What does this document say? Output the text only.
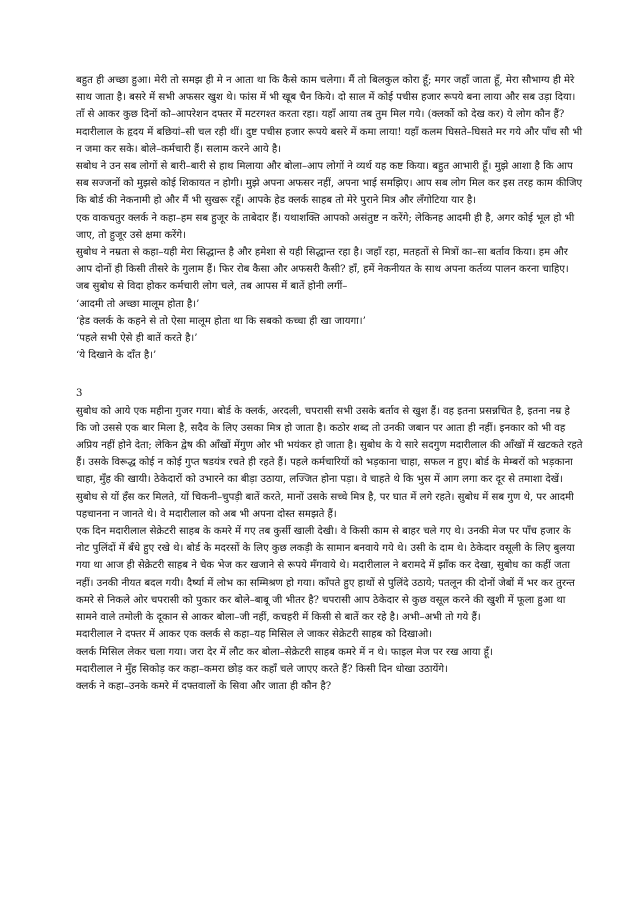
बहुत ही अच्छा हुआ। मेरी तो समझ ही मे न आता था कि कैसे काम चलेगा। मैं तो बिलकुल कोरा हूँ; मगर जहाँ जाता हूँ, मेरा सौभाग्य ही मेरे साथ जाता है। बसरे में सभी अफसर खुश थे। फांस में भी खूब चैन किये। दो साल में कोई पचीस हजार रूपये बना लाया और सब उड़ा दिया। ताँ से आकर कुछ दिनों को–आपरेशन दफ्तर में मटरगश्त करता रहा। यहाँ आया तब तुम मिल गये। (क्लर्को को देख कर) ये लोग कौन हैं?

मदारीलाल के हृदय में बछियां–सी चल रही थीं। दुष्ट पचीस हजार रूपये बसरे में कमा लाया! यहाँ कलम घिसते–घिसते मर गये और पाँच सौ भी न जमा कर सके। बोले–कर्मचारी हैं। सलाम करने आये है।

सबोध ने उन सब लोगों से बारी–बारी से हाथ मिलाया और बोला–आप लोगों ने व्यर्थ यह कष्ट किया। बहुत आभारी हूँ। मुझे आशा है कि आप सब सज्जनों को मुझसे कोई शिकायत न होगी। मुझे अपना अफसर नहीं, अपना भाई समझिए। आप सब लोग मिल कर इस तरह काम कीजिए कि बोर्ड की नेकनामी हो और मैं भी सुखरू रहूँ। आपके हेड क्लर्क साहब तो मेरे पुराने मित्र और लँगोटिया यार है।

एक वाकचतुर क्लर्क ने कहा–हम सब हुजूर के ताबेदार हैं। यथाशक्ति आपको असंतुष्ट न करेंगे; लेकिनह आदमी ही है, अगर कोई भूल हो भी जाए, तो हुजूर उसे क्षमा करेंगे।

सुबोध ने नम्रता से कहा–यही मेरा सिद्धान्त है और हमेशा से यही सिद्धान्त रहा है। जहाँ रहा, मतहतों से मित्रों का–सा बर्ताव किया। हम और आप दोनों ही किसी तीसरे के गुलाम हैं। फिर रोब कैसा और अफसरी कैसी? हाँ, हमें नेकनीयत के साथ अपना कर्तव्य पालन करना चाहिए।

जब सुबोध से विदा होकर कर्मचारी लोग चले, तब आपस में बातें होनी लगीं–

‘आदमी तो अच्छा मालूम होता है।’

‘हेड क्लर्क के कहने से तो ऐसा मालूम होता था कि सबको कच्चा ही खा जायगा।’

‘पहले सभी ऐसे ही बातें करते है।’

‘ये दिखाने के दाँत है।’

3

सुबोध को आये एक महीना गुजर गया। बोर्ड के क्लर्क, अरदली, चपरासी सभी उसके बर्ताव से खुश हैं। वह इतना प्रसन्नचित है, इतना नम्र हे कि जो उससे एक बार मिला है, सदैव के लिए उसका मित्र हो जाता है। कठोर शब्द तो उनकी जबान पर आता ही नहीं। इनकार को भी वह अप्रिय नहीं होने देता; लेकिन द्वेष की आँखों मेंगुण ओर भी भयंकर हो जाता है। सुबोध के ये सारे सदगुण मदारीलाल की आँखों में खटकते रहते हैं। उसके विरूद्ध कोई न कोई गुप्त षडयंत्र रचते ही रहते हैं। पहले कर्मचारियों को भड़काना चाहा, सफल न हुए। बोर्ड के मेम्बरों को भड़काना चाहा, मुँह की खायी। ठेकेदारों को उभारने का बीड़ा उठाया, लज्जित होना पड़ा। वे चाहते थे कि भुस में आग लगा कर दूर से तमाशा देखें। सुबोध से यों हँस कर मिलते, यों चिकनी–चुपड़ी बातें करते, मानों उसके सच्चे मित्र है, पर घात में लगे रहते। सुबोध में सब गुण थे, पर आदमी पहचानना न जानते थे। वे मदारीलाल को अब भी अपना दोस्त समझते हैं।

एक दिन मदारीलाल सेक्रेटरी साहब के कमरे में गए तब कुर्सी खाली देखी। वे किसी काम से बाहर चले गए थे। उनकी मेज पर पाँच हजार के नोट पुलिंदों में बँधे हुए रखे थे। बोर्ड के मदरसों के लिए कुछ लकड़ी के सामान बनवाये गये थे। उसी के दाम थे। ठेकेदार वसूली के लिए बुलया गया था आज ही सेक्रेटरी साहब ने चेक भेज कर खजाने से रूपये मँगवाये थे। मदारीलाल ने बरामदे में झाँक कर देखा, सुबोध का कहीं जता नहीं। उनकी नीयत बदल गयी। दैर्ष्या में लोभ का सम्मिश्रण हो गया। काँपते हुए हाथों से पुलिंदे उठाये; पतलून की दोनों जेबों में भर कर तुरन्त कमरे से निकले ओर चपरासी को पुकार कर बोले–बाबू जी भीतर है? चपरासी आप ठेकेदार से कुछ वसूल करने की खुशी में फूला हुआ था सामने वाले तमोली के दूकान से आकर बोला–जी नहीं, कचहरी में किसी से बातें कर रहे है। अभी–अभी तो गये हैं।

मदारीलाल ने दफ्तर में आकर एक क्लर्क से कहा–यह मिसिल ले जाकर सेक्रेटरी साहब को दिखाओ।

क्लर्क मिसिल लेकर चला गया। जरा देर में लौट कर बोला–सेक्रेटरी साहब कमरे में न थे। फाइल मेज पर रख आया हूँ।

मदारीलाल ने मुँह सिकोड़ कर कहा–कमरा छोड़ कर कहाँ चले जाएए करते हैं? किसी दिन धोखा उठायेंगे।

क्लर्क ने कहा–उनके कमरे में दफ्तवालों के सिवा और जाता ही कौन है?
